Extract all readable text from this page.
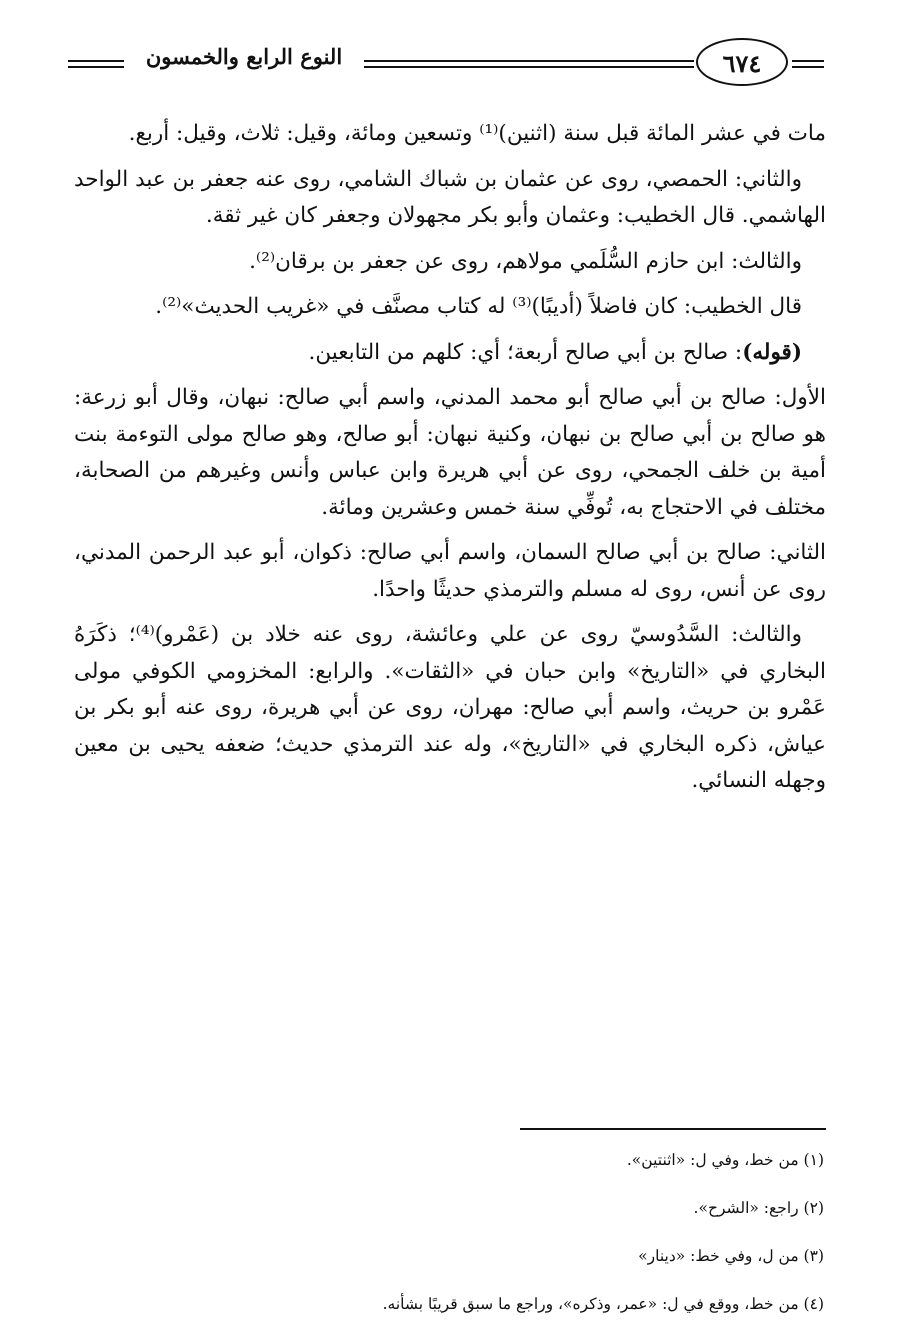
النوع الرابع والخمسون	٦٧٤

مات في عشر المائة قبل سنة (اثنين)⁽¹⁾ وتسعين ومائة، وقيل: ثلاث، وقيل: أربع.

والثاني: الحمصي، روى عن عثمان بن شباك الشامي، روى عنه جعفر بن عبد الواحد الهاشمي. قال الخطيب: وعثمان وأبو بكر مجهولان وجعفر كان غير ثقة.

والثالث: ابن حازم السُّلَمي مولاهم، روى عن جعفر بن برقان⁽²⁾.

قال الخطيب: كان فاضلاً (أديبًا)⁽³⁾ له كتاب مصنَّف في «غريب الحديث»⁽²⁾.

(قوله): صالح بن أبي صالح أربعة؛ أي: كلهم من التابعين.

الأول: صالح بن أبي صالح أبو محمد المدني، واسم أبي صالح: نبهان، وقال أبو زرعة: هو صالح بن أبي صالح بن نبهان، وكنية نبهان: أبو صالح، وهو صالح مولى التوءمة بنت أمية بن خلف الجمحي، روى عن أبي هريرة وابن عباس وأنس وغيرهم من الصحابة، مختلف في الاحتجاج به، تُوفِّي سنة خمس وعشرين ومائة.

الثاني: صالح بن أبي صالح السمان، واسم أبي صالح: ذكوان، أبو عبد الرحمن المدني، روى عن أنس، روى له مسلم والترمذي حديثًا واحدًا.

والثالث: السَّدُوسيّ روى عن علي وعائشة، روى عنه خلاد بن (عَمْرو)⁽⁴⁾؛ ذكَرَهُ البخاري في «التاريخ» وابن حبان في «الثقات». والرابع: المخزومي الكوفي مولى عَمْرو بن حريث، واسم أبي صالح: مهران، روى عن أبي هريرة، روى عنه أبو بكر بن عياش، ذكره البخاري في «التاريخ»، وله عند الترمذي حديث؛ ضعفه يحيى بن معين وجهله النسائي.

(١) من خط، وفي ل: «اثنتين».
(٢) راجع: «الشرح».
(٣) من ل، وفي خط: «دينار»
(٤) من خط، ووقع في ل: «عمر، وذكره»، وراجع ما سبق قريبًا بشأنه.
